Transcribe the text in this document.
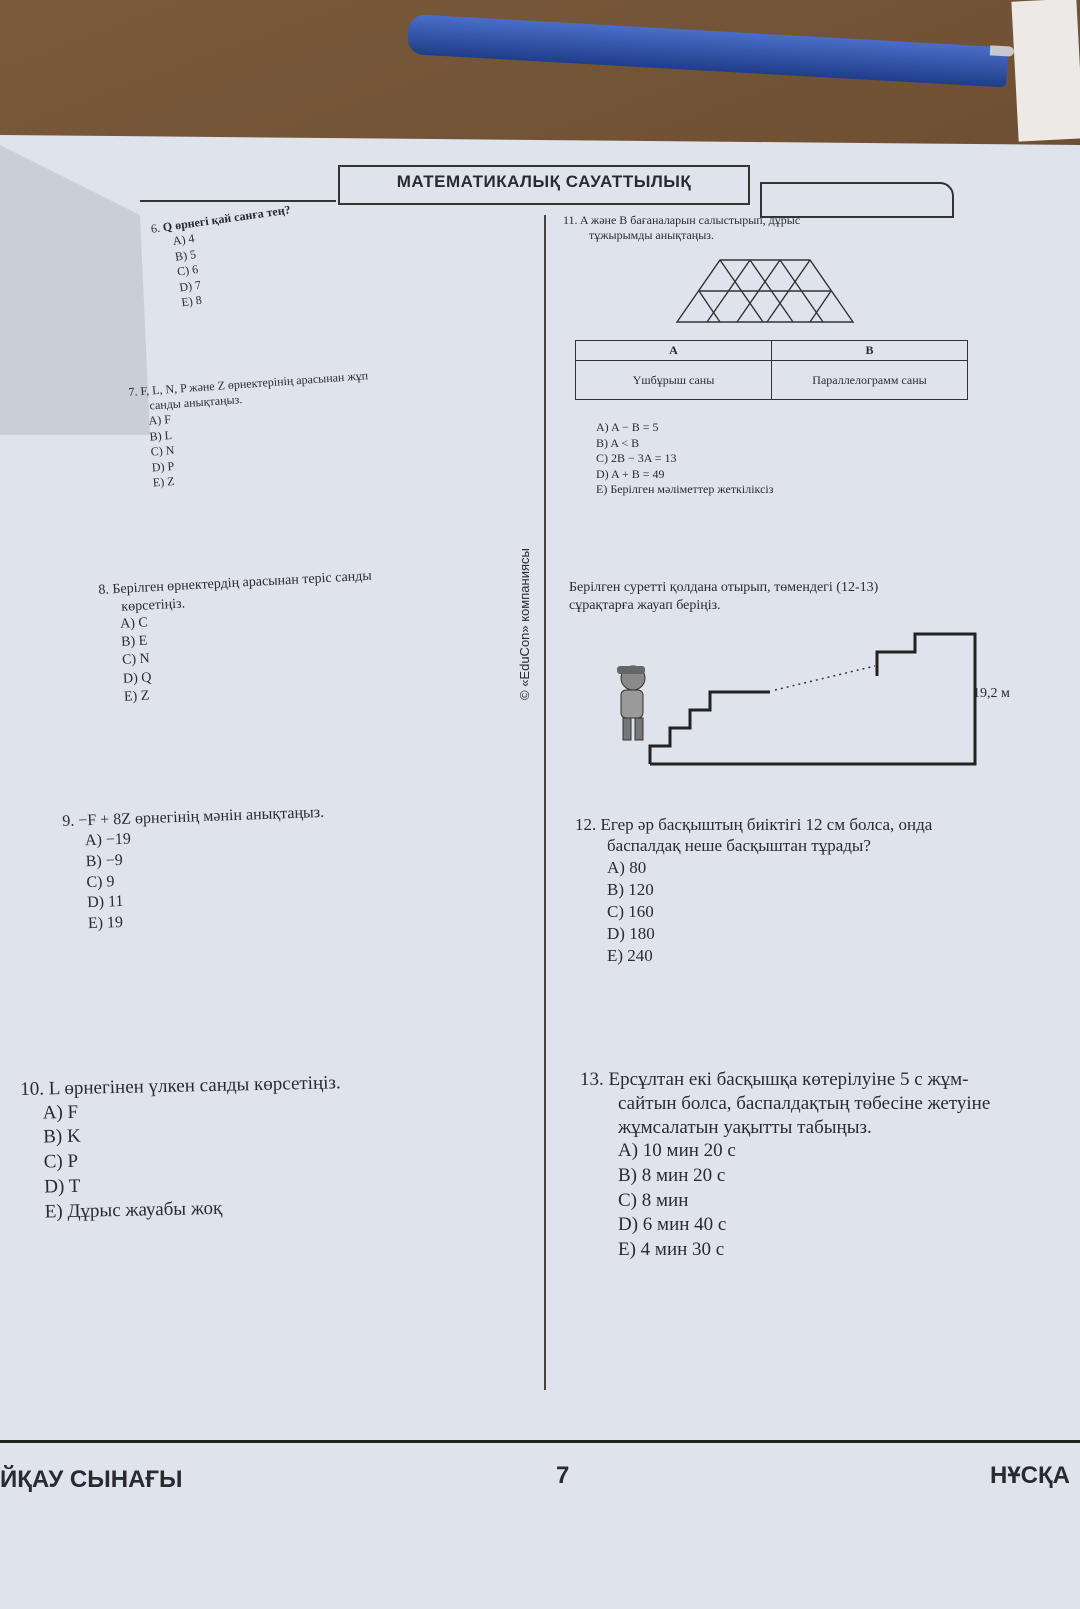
МАТЕМАТИКАЛЫҚ САУАТТЫЛЫҚ
© «EduCon» компаниясы
6. Q өрнегі қай санға тең?
A) 4
B) 5
C) 6
D) 7
E) 8
7. F, L, N, P және Z өрнектерінің арасынан жұп
санды анықтаңыз.
A) F
B) L
C) N
D) P
E) Z
8. Берілген өрнектердің арасынан теріс санды
көрсетіңіз.
A) C
B) E
C) N
D) Q
E) Z
9. −F + 8Z өрнегінің мәнін анықтаңыз.
A) −19
B) −9
C) 9
D) 11
E) 19
10. L өрнегінен үлкен санды көрсетіңіз.
A) F
B) K
C) P
D) T
E) Дұрыс жауабы жоқ
11. A және B бағаналарын салыстырып, дұрыс
тұжырымды анықтаңыз.
A	B
Үшбұрыш саны	Параллелограмм саны
A) A − B = 5
B) A < B
C) 2B − 3A = 13
D) A + B = 49
E) Берілген мәліметтер жеткіліксіз
Берілген суретті қолдана отырып, төмендегі (12-13)
сұрақтарға жауап беріңіз.
19,2 м
12. Егер әр басқыштың биіктігі 12 см болса, онда
баспалдақ неше басқыштан тұрады?
A) 80
B) 120
C) 160
D) 180
E) 240
13. Ерсұлтан екі басқышқа көтерілуіне 5 с жұм-
сайтын болса, баспалдақтың төбесіне жетуіне
жұмсалатын уақытты табыңыз.
A) 10 мин 20 с
B) 8 мин 20 с
C) 8 мин
D) 6 мин 40 с
E) 4 мин 30 с
ЙҚАУ СЫНАҒЫ	7	НҰСҚА
